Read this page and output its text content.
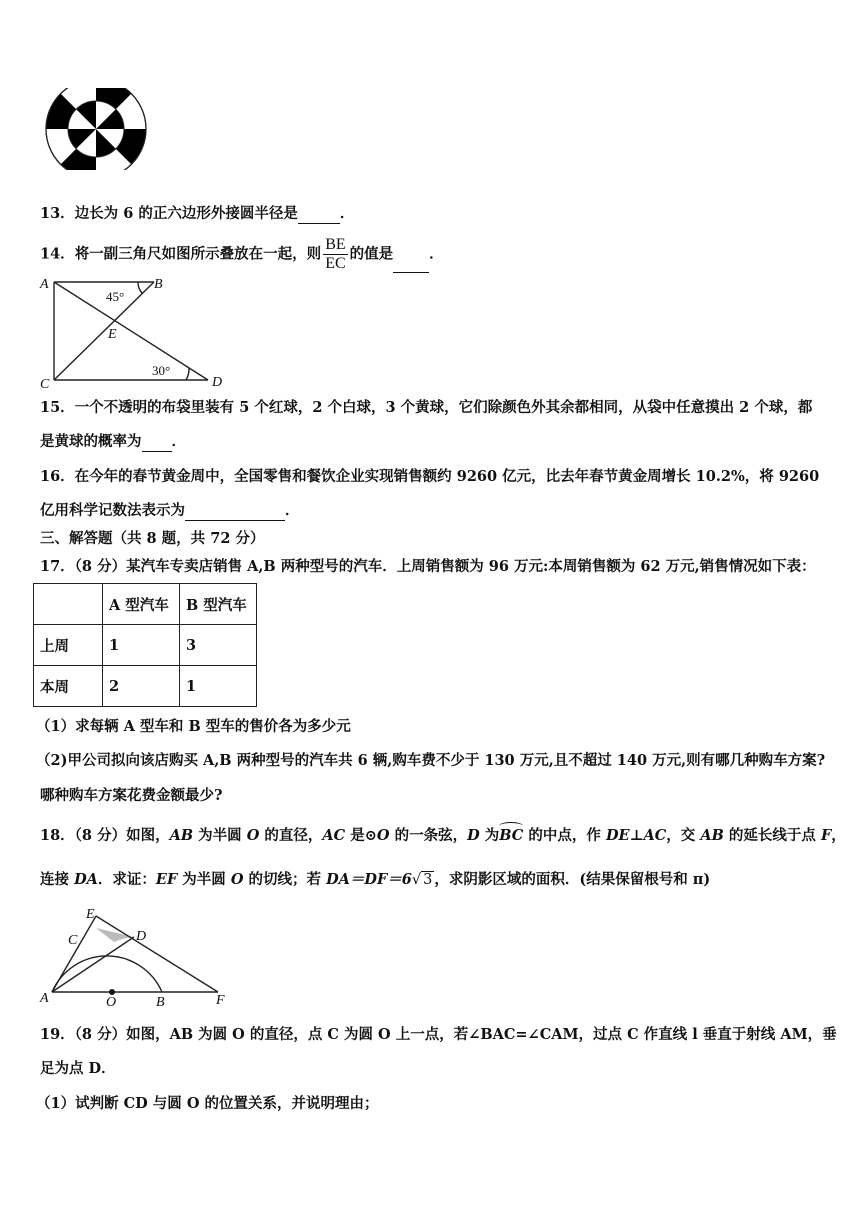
13．边长为 6 的正六边形外接圆半径是	．
14．将一副三角尺如图所示叠放在一起，则 $\frac{BE}{EC}$ 的值是 ．
A	B
C	D
E
45°
30°
15．一个不透明的布袋里装有 5 个红球，2 个白球，3 个黄球，它们除颜色外其余都相同，从袋中任意摸出 2 个球，都
是黄球的概率为 ．
16．在今年的春节黄金周中，全国零售和餐饮企业实现销售额约 9260 亿元，比去年春节黄金周增长 10.2%，将 9260
亿用科学记数法表示为	．
三、解答题（共 8 题，共 72 分）
17．（8 分）某汽车专卖店销售 A,B 两种型号的汽车．上周销售额为 96 万元:本周销售额为 62 万元,销售情况如下表：
	A 型汽车	B 型汽车
上周	1	3
本周	2	1
（1）求每辆 A 型车和 B 型车的售价各为多少元
（2)甲公司拟向该店购买 A,B 两种型号的汽车共 6 辆,购车费不少于 130 万元,且不超过 140 万元,则有哪几种购车方案?
哪种购车方案花费金额最少?
18．（8 分）如图，AB 为半圆 O 的直径，AC 是⊙O 的一条弦，D 为BC 的中点，作 DE⊥AC，交 AB 的延长线于点 F，
连接 DA．求证：EF 为半圆 O 的切线；若 DA＝DF＝6√ 3 ，求阴影区域的面积．(结果保留根号和 π)
A	O	B	F
C	D
E
19．（8 分）如图，AB 为圆 O 的直径，点 C 为圆 O 上一点，若∠BAC=∠CAM，过点 C 作直线 l 垂直于射线 AM，垂
足为点 D．
（1）试判断 CD 与圆 O 的位置关系，并说明理由；
